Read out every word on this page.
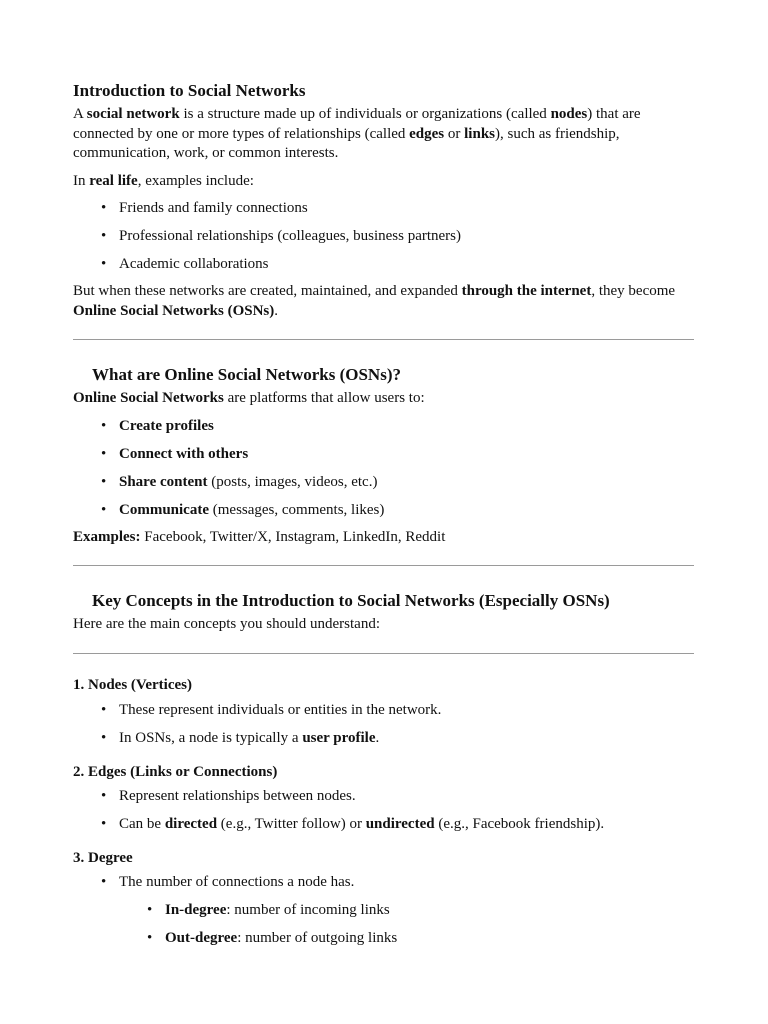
Introduction to Social Networks

A social network is a structure made up of individuals or organizations (called nodes) that are connected by one or more types of relationships (called edges or links), such as friendship, communication, work, or common interests.

In real life, examples include:

• Friends and family connections
• Professional relationships (colleagues, business partners)
• Academic collaborations

But when these networks are created, maintained, and expanded through the internet, they become Online Social Networks (OSNs).

What are Online Social Networks (OSNs)?

Online Social Networks are platforms that allow users to:

• Create profiles
• Connect with others
• Share content (posts, images, videos, etc.)
• Communicate (messages, comments, likes)

Examples: Facebook, Twitter/X, Instagram, LinkedIn, Reddit

Key Concepts in the Introduction to Social Networks (Especially OSNs)

Here are the main concepts you should understand:

1. Nodes (Vertices)
• These represent individuals or entities in the network.
• In OSNs, a node is typically a user profile.
2. Edges (Links or Connections)
• Represent relationships between nodes.
• Can be directed (e.g., Twitter follow) or undirected (e.g., Facebook friendship).
3. Degree
• The number of connections a node has.
• In-degree: number of incoming links
• Out-degree: number of outgoing links
